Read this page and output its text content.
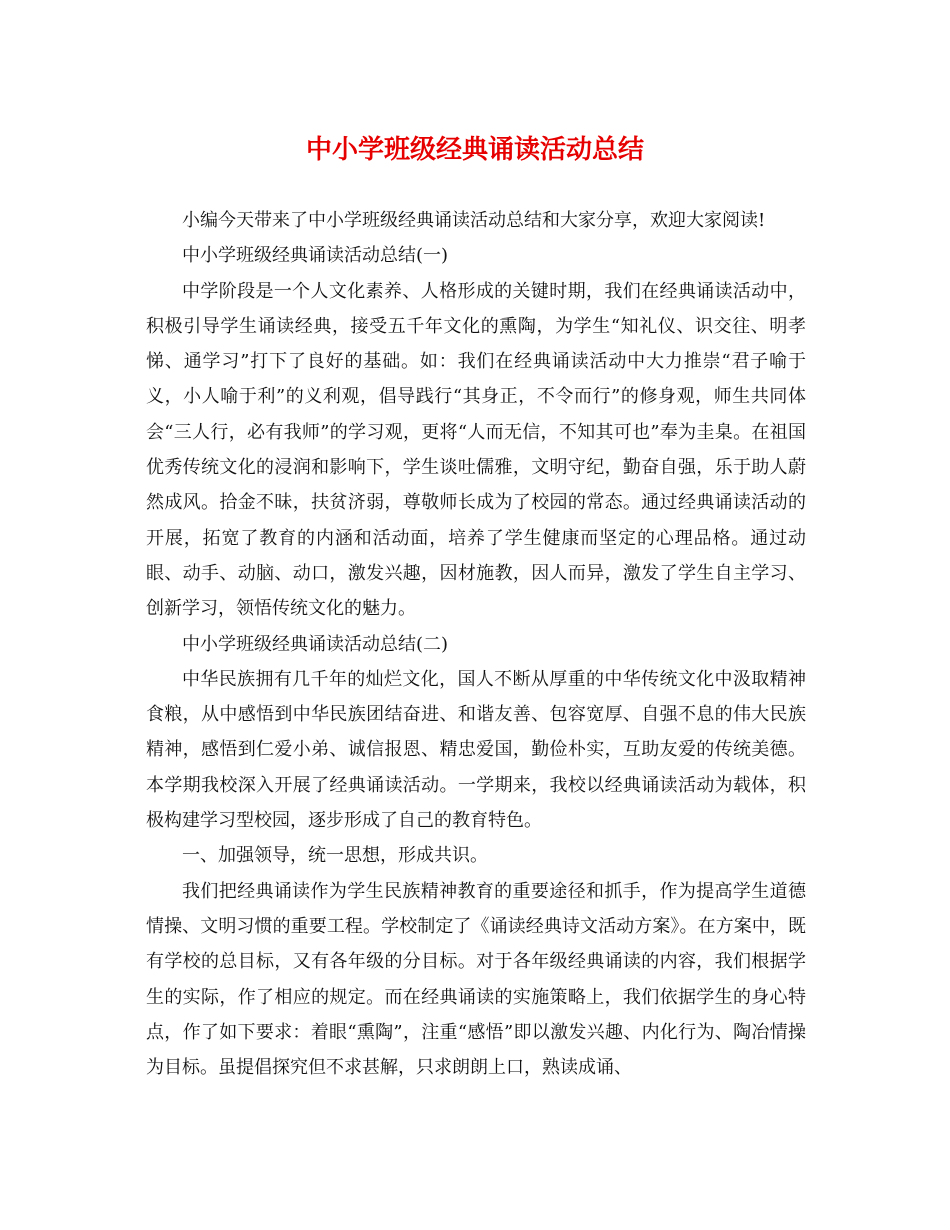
中小学班级经典诵读活动总结

小编今天带来了中小学班级经典诵读活动总结和大家分享，欢迎大家阅读!

中小学班级经典诵读活动总结(一)

中学阶段是一个人文化素养、人格形成的关键时期，我们在经典诵读活动中，积极引导学生诵读经典，接受五千年文化的熏陶，为学生“知礼仪、识交往、明孝悌、通学习”打下了良好的基础。如：我们在经典诵读活动中大力推崇“君子喻于义，小人喻于利”的义利观，倡导践行“其身正，不令而行”的修身观，师生共同体会“三人行，必有我师”的学习观，更将“人而无信，不知其可也”奉为圭臬。在祖国优秀传统文化的浸润和影响下，学生谈吐儒雅，文明守纪，勤奋自强，乐于助人蔚然成风。拾金不昧，扶贫济弱，尊敬师长成为了校园的常态。通过经典诵读活动的开展，拓宽了教育的内涵和活动面，培养了学生健康而坚定的心理品格。通过动眼、动手、动脑、动口，激发兴趣，因材施教，因人而异，激发了学生自主学习、创新学习，领悟传统文化的魅力。

中小学班级经典诵读活动总结(二)

中华民族拥有几千年的灿烂文化，国人不断从厚重的中华传统文化中汲取精神食粮，从中感悟到中华民族团结奋进、和谐友善、包容宽厚、自强不息的伟大民族精神，感悟到仁爱小弟、诚信报恩、精忠爱国，勤俭朴实，互助友爱的传统美德。本学期我校深入开展了经典诵读活动。一学期来，我校以经典诵读活动为载体，积极构建学习型校园，逐步形成了自己的教育特色。

一、加强领导，统一思想，形成共识。

我们把经典诵读作为学生民族精神教育的重要途径和抓手，作为提高学生道德情操、文明习惯的重要工程。学校制定了《诵读经典诗文活动方案》。在方案中，既有学校的总目标，又有各年级的分目标。对于各年级经典诵读的内容，我们根据学生的实际，作了相应的规定。而在经典诵读的实施策略上，我们依据学生的身心特点，作了如下要求：着眼“熏陶”，注重“感悟”即以激发兴趣、内化行为、陶冶情操为目标。虽提倡探究但不求甚解，只求朗朗上口，熟读成诵、
